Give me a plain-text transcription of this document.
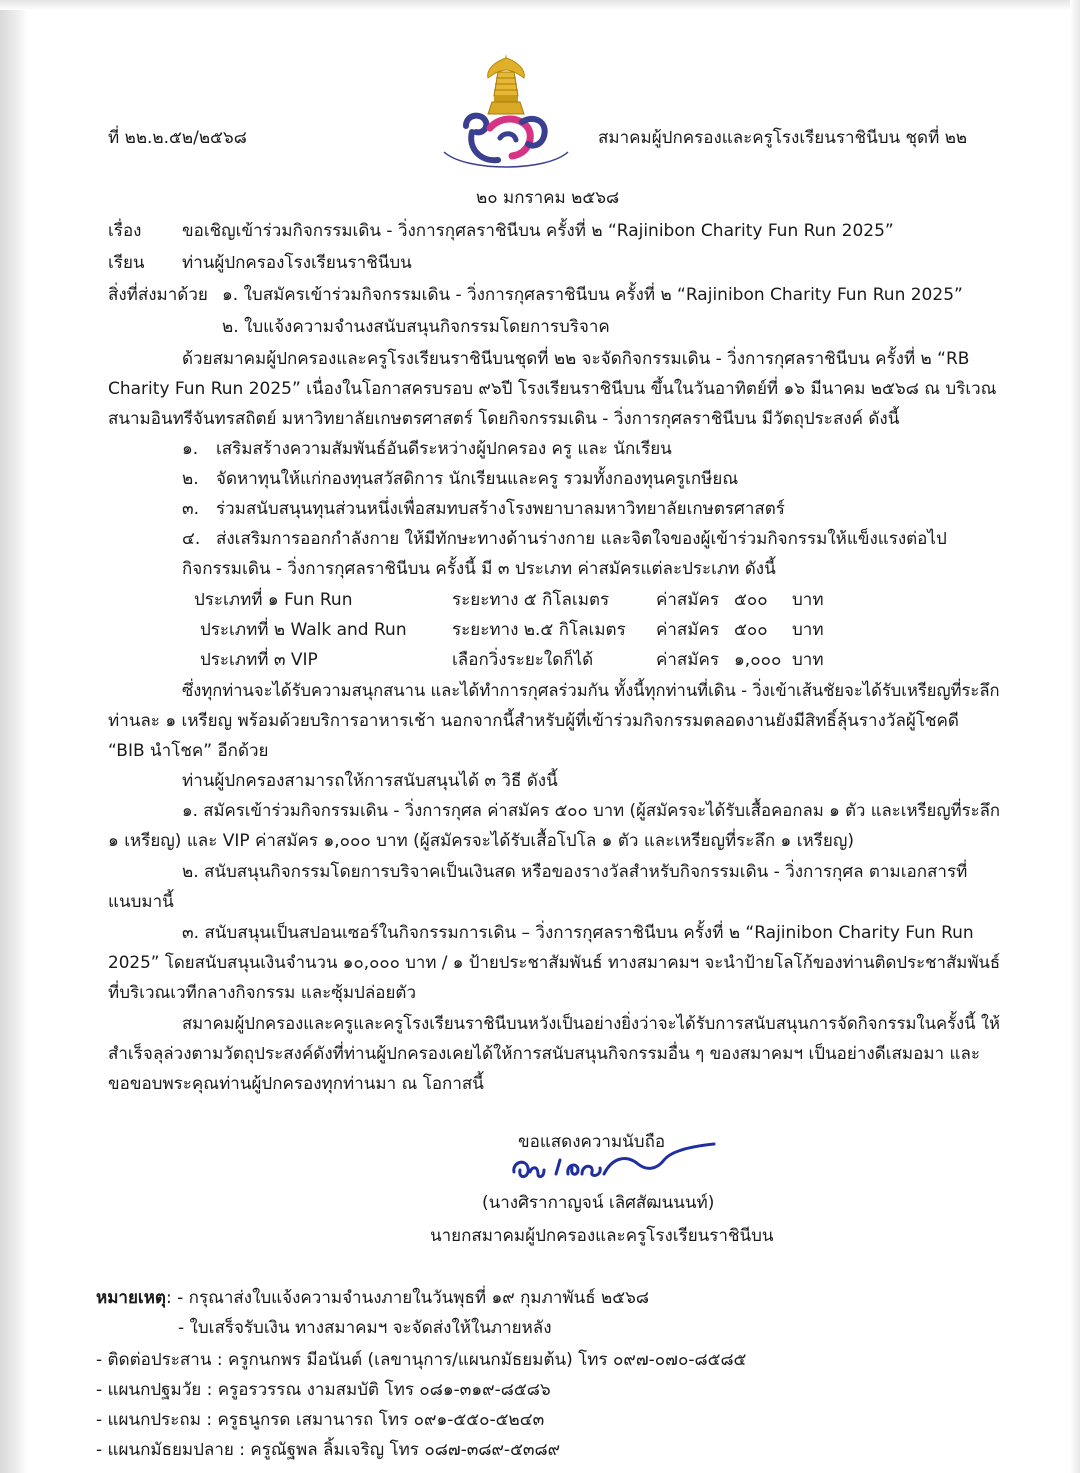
ที่ ๒๒.๒.๕๒/๒๕๖๘	สมาคมผู้ปกครองและครูโรงเรียนราชินีบน ชุดที่ ๒๒
๒๐ มกราคม ๒๕๖๘
เรื่อง ขอเชิญเข้าร่วมกิจกรรมเดิน - วิ่งการกุศลราชินีบน ครั้งที่ ๒ “Rajinibon Charity Fun Run 2025”
เรียน ท่านผู้ปกครองโรงเรียนราชินีบน
สิ่งที่ส่งมาด้วย ๑. ใบสมัครเข้าร่วมกิจกรรมเดิน - วิ่งการกุศลราชินีบน ครั้งที่ ๒ “Rajinibon Charity Fun Run 2025”
๒. ใบแจ้งความจำนงสนับสนุนกิจกรรมโดยการบริจาค
ด้วยสมาคมผู้ปกครองและครูโรงเรียนราชินีบนชุดที่ ๒๒ จะจัดกิจกรรมเดิน - วิ่งการกุศลราชินีบน ครั้งที่ ๒ “RB
Charity Fun Run 2025” เนื่องในโอกาสครบรอบ ๙๖ปี โรงเรียนราชินีบน ขึ้นในวันอาทิตย์ที่ ๑๖ มีนาคม ๒๕๖๘ ณ บริเวณ
สนามอินทรีจันทรสถิตย์ มหาวิทยาลัยเกษตรศาสตร์ โดยกิจกรรมเดิน - วิ่งการกุศลราชินีบน มีวัตถุประสงค์ ดังนี้
๑. เสริมสร้างความสัมพันธ์อันดีระหว่างผู้ปกครอง ครู และ นักเรียน
๒. จัดหาทุนให้แก่กองทุนสวัสดิการ นักเรียนและครู รวมทั้งกองทุนครูเกษียณ
๓. ร่วมสนับสนุนทุนส่วนหนึ่งเพื่อสมทบสร้างโรงพยาบาลมหาวิทยาลัยเกษตรศาสตร์
๔. ส่งเสริมการออกกำลังกาย ให้มีทักษะทางด้านร่างกาย และจิตใจของผู้เข้าร่วมกิจกรรมให้แข็งแรงต่อไป
กิจกรรมเดิน - วิ่งการกุศลราชินีบน ครั้งนี้ มี ๓ ประเภท ค่าสมัครแต่ละประเภท ดังนี้
ประเภทที่ ๑ Fun Run	ระยะทาง ๕ กิโลเมตร	ค่าสมัคร ๕๐๐ บาท
ประเภทที่ ๒ Walk and Run	ระยะทาง ๒.๕ กิโลเมตร ค่าสมัคร ๕๐๐ บาท
ประเภทที่ ๓ VIP	เลือกวิ่งระยะใดก็ได้	ค่าสมัคร ๑,๐๐๐ บาท
ซึ่งทุกท่านจะได้รับความสนุกสนาน และได้ทำการกุศลร่วมกัน ทั้งนี้ทุกท่านที่เดิน - วิ่งเข้าเส้นชัยจะได้รับเหรียญที่ระลึก
ท่านละ ๑ เหรียญ พร้อมด้วยบริการอาหารเช้า นอกจากนี้สำหรับผู้ที่เข้าร่วมกิจกรรมตลอดงานยังมีสิทธิ์ลุ้นรางวัลผู้โชคดี
“BIB นำโชค” อีกด้วย
ท่านผู้ปกครองสามารถให้การสนับสนุนได้ ๓ วิธี ดังนี้
๑. สมัครเข้าร่วมกิจกรรมเดิน - วิ่งการกุศล ค่าสมัคร ๕๐๐ บาท (ผู้สมัครจะได้รับเสื้อคอกลม ๑ ตัว และเหรียญที่ระลึก
๑ เหรียญ) และ VIP ค่าสมัคร ๑,๐๐๐ บาท (ผู้สมัครจะได้รับเสื้อโปโล ๑ ตัว และเหรียญที่ระลึก ๑ เหรียญ)
๒. สนับสนุนกิจกรรมโดยการบริจาคเป็นเงินสด หรือของรางวัลสำหรับกิจกรรมเดิน - วิ่งการกุศล ตามเอกสารที่
แนบมานี้
๓. สนับสนุนเป็นสปอนเซอร์ในกิจกรรมการเดิน – วิ่งการกุศลราชินีบน ครั้งที่ ๒ “Rajinibon Charity Fun Run
2025” โดยสนับสนุนเงินจำนวน ๑๐,๐๐๐ บาท / ๑ ป้ายประชาสัมพันธ์ ทางสมาคมฯ จะนำป้ายโลโก้ของท่านติดประชาสัมพันธ์
ที่บริเวณเวทีกลางกิจกรรม และซุ้มปล่อยตัว
สมาคมผู้ปกครองและครูและครูโรงเรียนราชินีบนหวังเป็นอย่างยิ่งว่าจะได้รับการสนับสนุนการจัดกิจกรรมในครั้งนี้ ให้
สำเร็จลุล่วงตามวัตถุประสงค์ดังที่ท่านผู้ปกครองเคยได้ให้การสนับสนุนกิจกรรมอื่น ๆ ของสมาคมฯ เป็นอย่างดีเสมอมา และ
ขอขอบพระคุณท่านผู้ปกครองทุกท่านมา ณ โอกาสนี้
ขอแสดงความนับถือ
(นางศิรากาญจน์ เลิศสัฒนนนท์)
นายกสมาคมผู้ปกครองและครูโรงเรียนราชินีบน
หมายเหตุ : - กรุณาส่งใบแจ้งความจำนงภายในวันพุธที่ ๑๙ กุมภาพันธ์ ๒๕๖๘
- ใบเสร็จรับเงิน ทางสมาคมฯ จะจัดส่งให้ในภายหลัง
- ติดต่อประสาน : ครูกนกพร มีอนันต์ (เลขานุการ/แผนกมัธยมต้น) โทร ๐๙๗-๐๗๐-๘๕๘๕
- แผนกปฐมวัย : ครูอรวรรณ งามสมบัติ โทร ๐๘๑-๓๑๙-๘๕๘๖
- แผนกประถม : ครูธนูกรด เสมานารถ โทร ๐๙๑-๕๕๐-๕๒๔๓
- แผนกมัธยมปลาย : ครูณัฐพล ลิ้มเจริญ โทร ๐๘๗-๓๘๙-๕๓๘๙
